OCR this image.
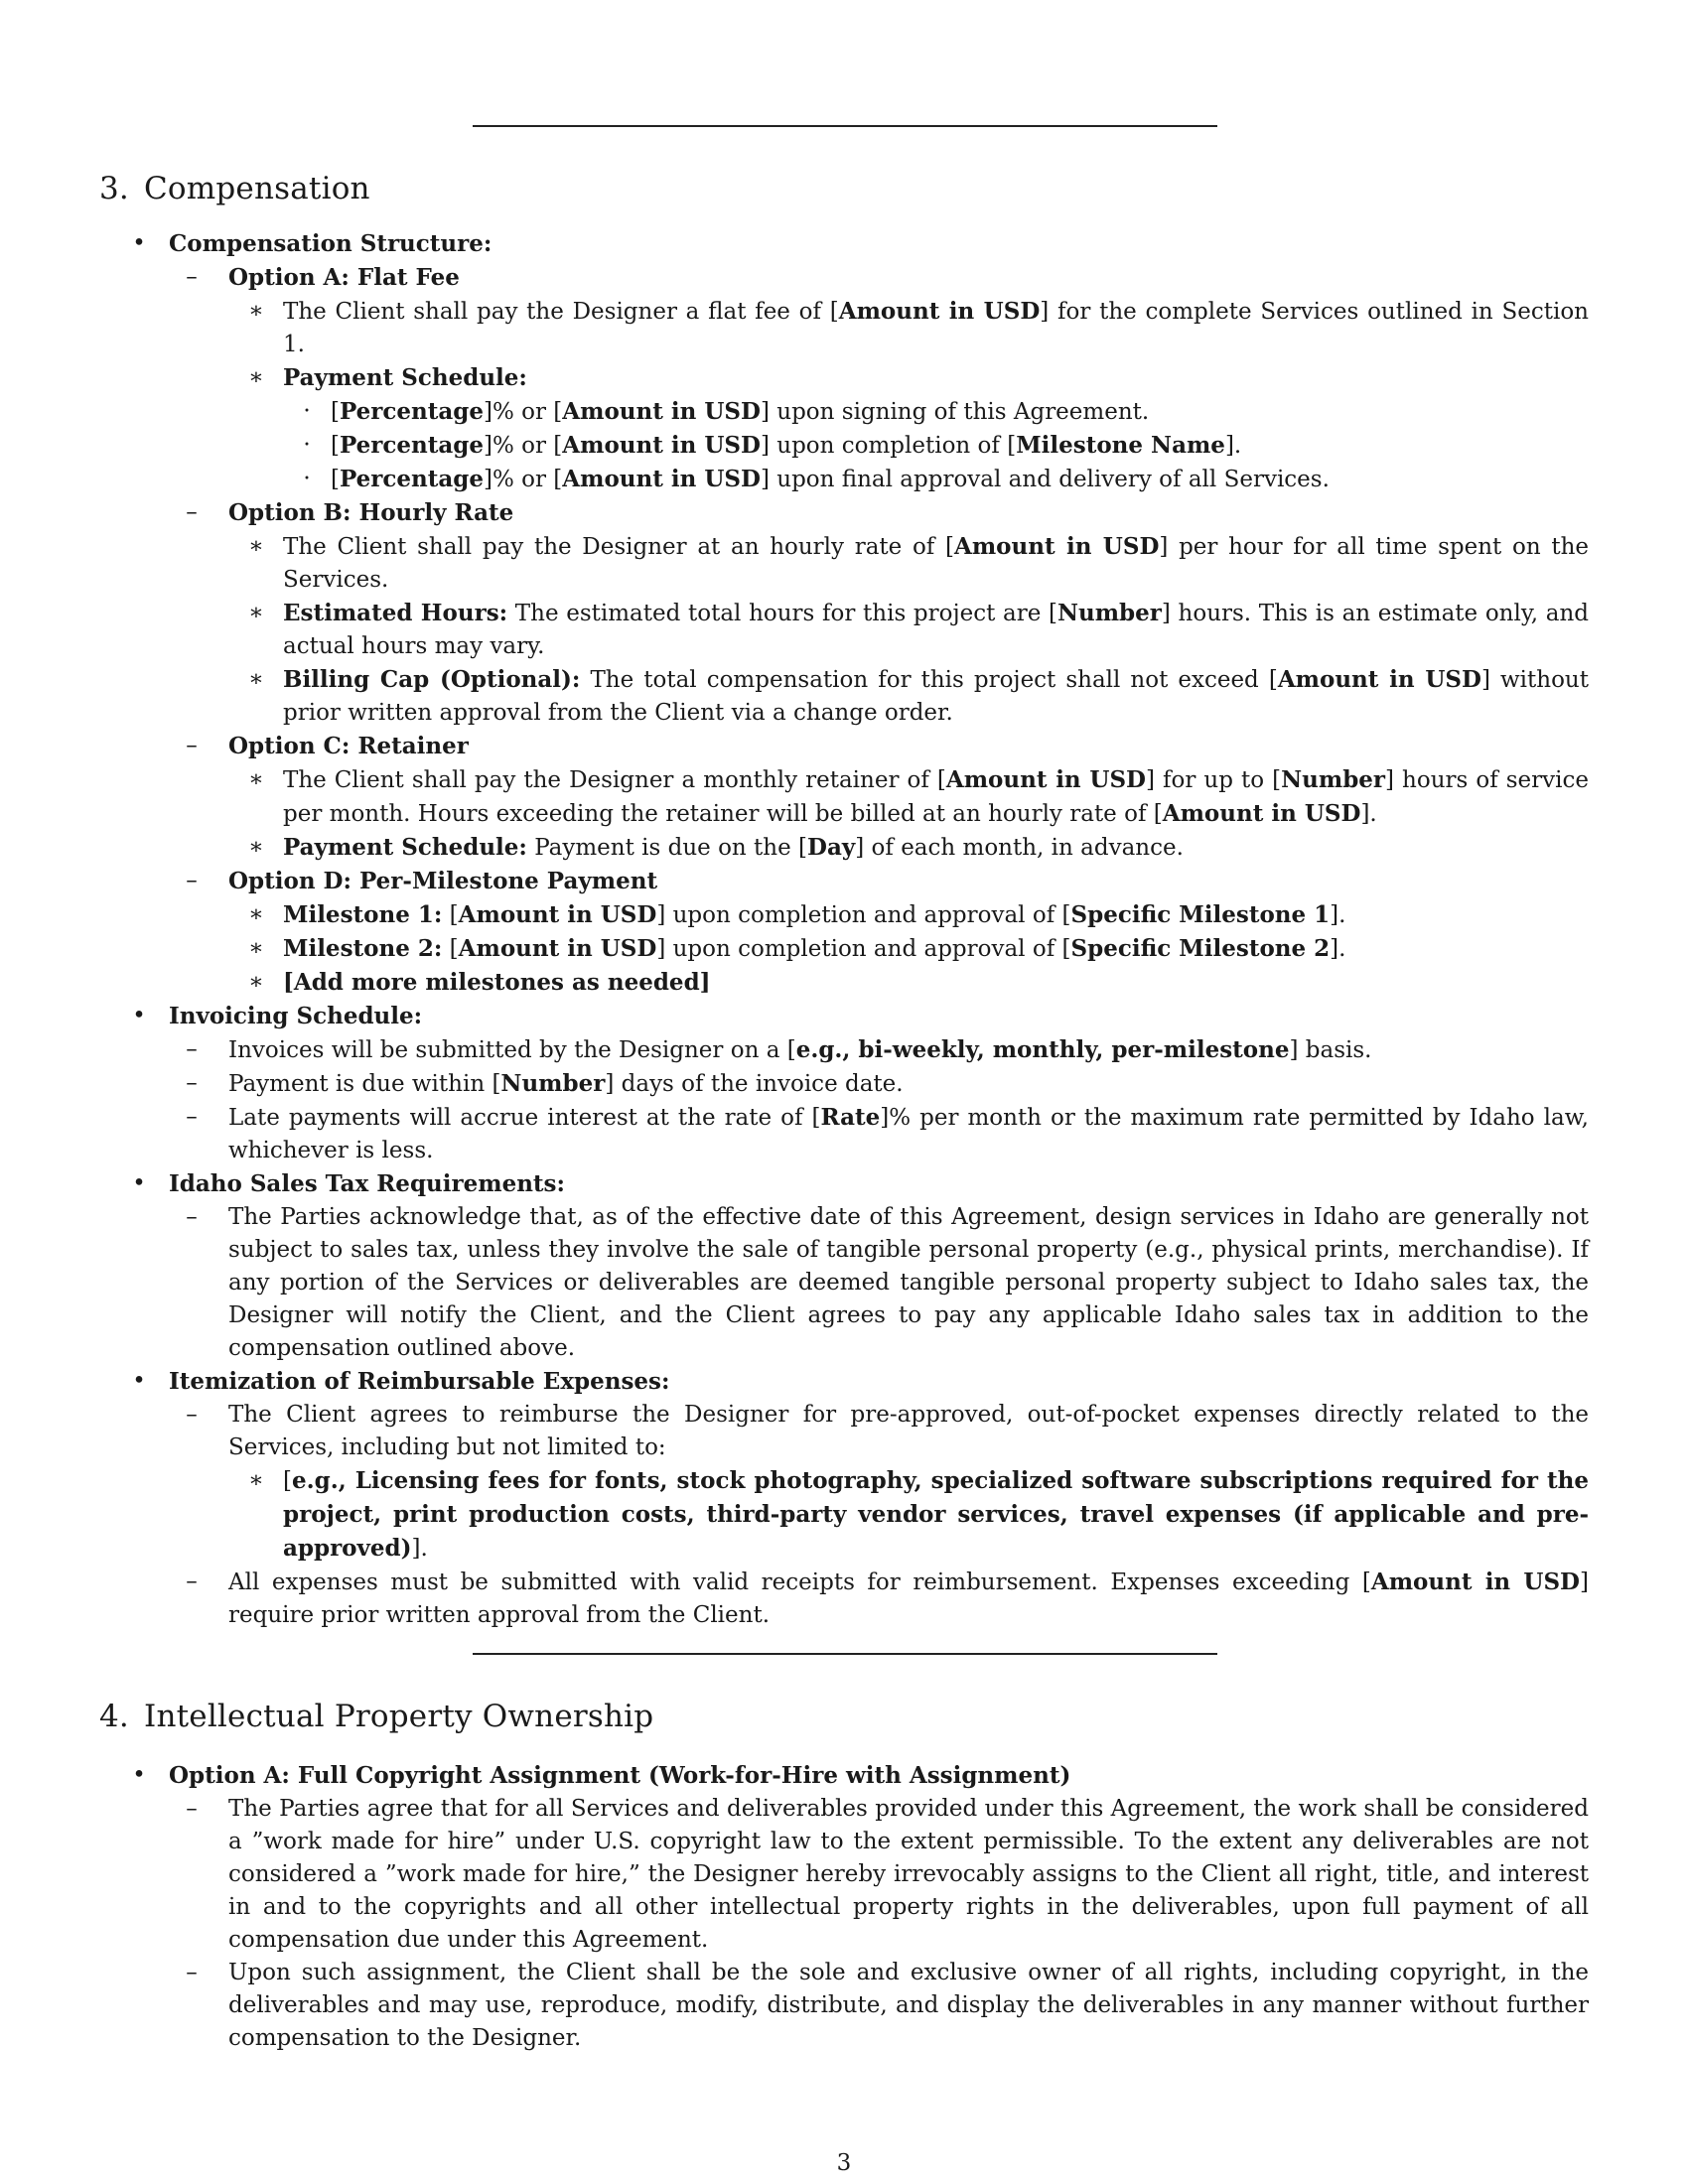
3. Compensation
• Compensation Structure:
–	Option A: Flat Fee
∗ The Client shall pay the Designer a flat fee of [Amount in USD] for the complete Services outlined in Section 1.
∗ Payment Schedule:
· [Percentage]% or [Amount in USD] upon signing of this Agreement.
· [Percentage]% or [Amount in USD] upon completion of [Milestone Name].
· [Percentage]% or [Amount in USD] upon final approval and delivery of all Services.
–	Option B: Hourly Rate
∗ The Client shall pay the Designer at an hourly rate of [Amount in USD] per hour for all time spent on the Services.
∗ Estimated Hours: The estimated total hours for this project are [Number] hours. This is an estimate only, and actual hours may vary.
∗ Billing Cap (Optional): The total compensation for this project shall not exceed [Amount in USD] without prior written approval from the Client via a change order.
–	Option C: Retainer
∗ The Client shall pay the Designer a monthly retainer of [Amount in USD] for up to [Number] hours of service per month. Hours exceeding the retainer will be billed at an hourly rate of [Amount in USD].
∗ Payment Schedule: Payment is due on the [Day] of each month, in advance.
–	Option D: Per-Milestone Payment
∗ Milestone 1: [Amount in USD] upon completion and approval of [Specific Milestone 1].
∗ Milestone 2: [Amount in USD] upon completion and approval of [Specific Milestone 2].
∗ [Add more milestones as needed]
• Invoicing Schedule:
–	Invoices will be submitted by the Designer on a [e.g., bi-weekly, monthly, per-milestone] basis.
–	Payment is due within [Number] days of the invoice date.
–	Late payments will accrue interest at the rate of [Rate]% per month or the maximum rate permitted by Idaho law, whichever is less.
• Idaho Sales Tax Requirements:
–	The Parties acknowledge that, as of the effective date of this Agreement, design services in Idaho are generally not subject to sales tax, unless they involve the sale of tangible personal property (e.g., physical prints, merchandise). If any portion of the Services or deliverables are deemed tangible personal property subject to Idaho sales tax, the Designer will notify the Client, and the Client agrees to pay any applicable Idaho sales tax in addition to the compensation outlined above.
• Itemization of Reimbursable Expenses:
–	The Client agrees to reimburse the Designer for pre-approved, out-of-pocket expenses directly related to the Services, including but not limited to:
∗ [e.g., Licensing fees for fonts, stock photography, specialized software subscriptions required for the project, print production costs, third-party vendor services, travel expenses (if applicable and pre-approved)].
–	All expenses must be submitted with valid receipts for reimbursement. Expenses exceeding [Amount in USD] require prior written approval from the Client.
4. Intellectual Property Ownership
• Option A: Full Copyright Assignment (Work-for-Hire with Assignment)
–	The Parties agree that for all Services and deliverables provided under this Agreement, the work shall be considered a ”work made for hire” under U.S. copyright law to the extent permissible. To the extent any deliverables are not considered a ”work made for hire,” the Designer hereby irrevocably assigns to the Client all right, title, and interest in and to the copyrights and all other intellectual property rights in the deliverables, upon full payment of all compensation due under this Agreement.
–	Upon such assignment, the Client shall be the sole and exclusive owner of all rights, including copyright, in the deliverables and may use, reproduce, modify, distribute, and display the deliverables in any manner without further compensation to the Designer.
3
